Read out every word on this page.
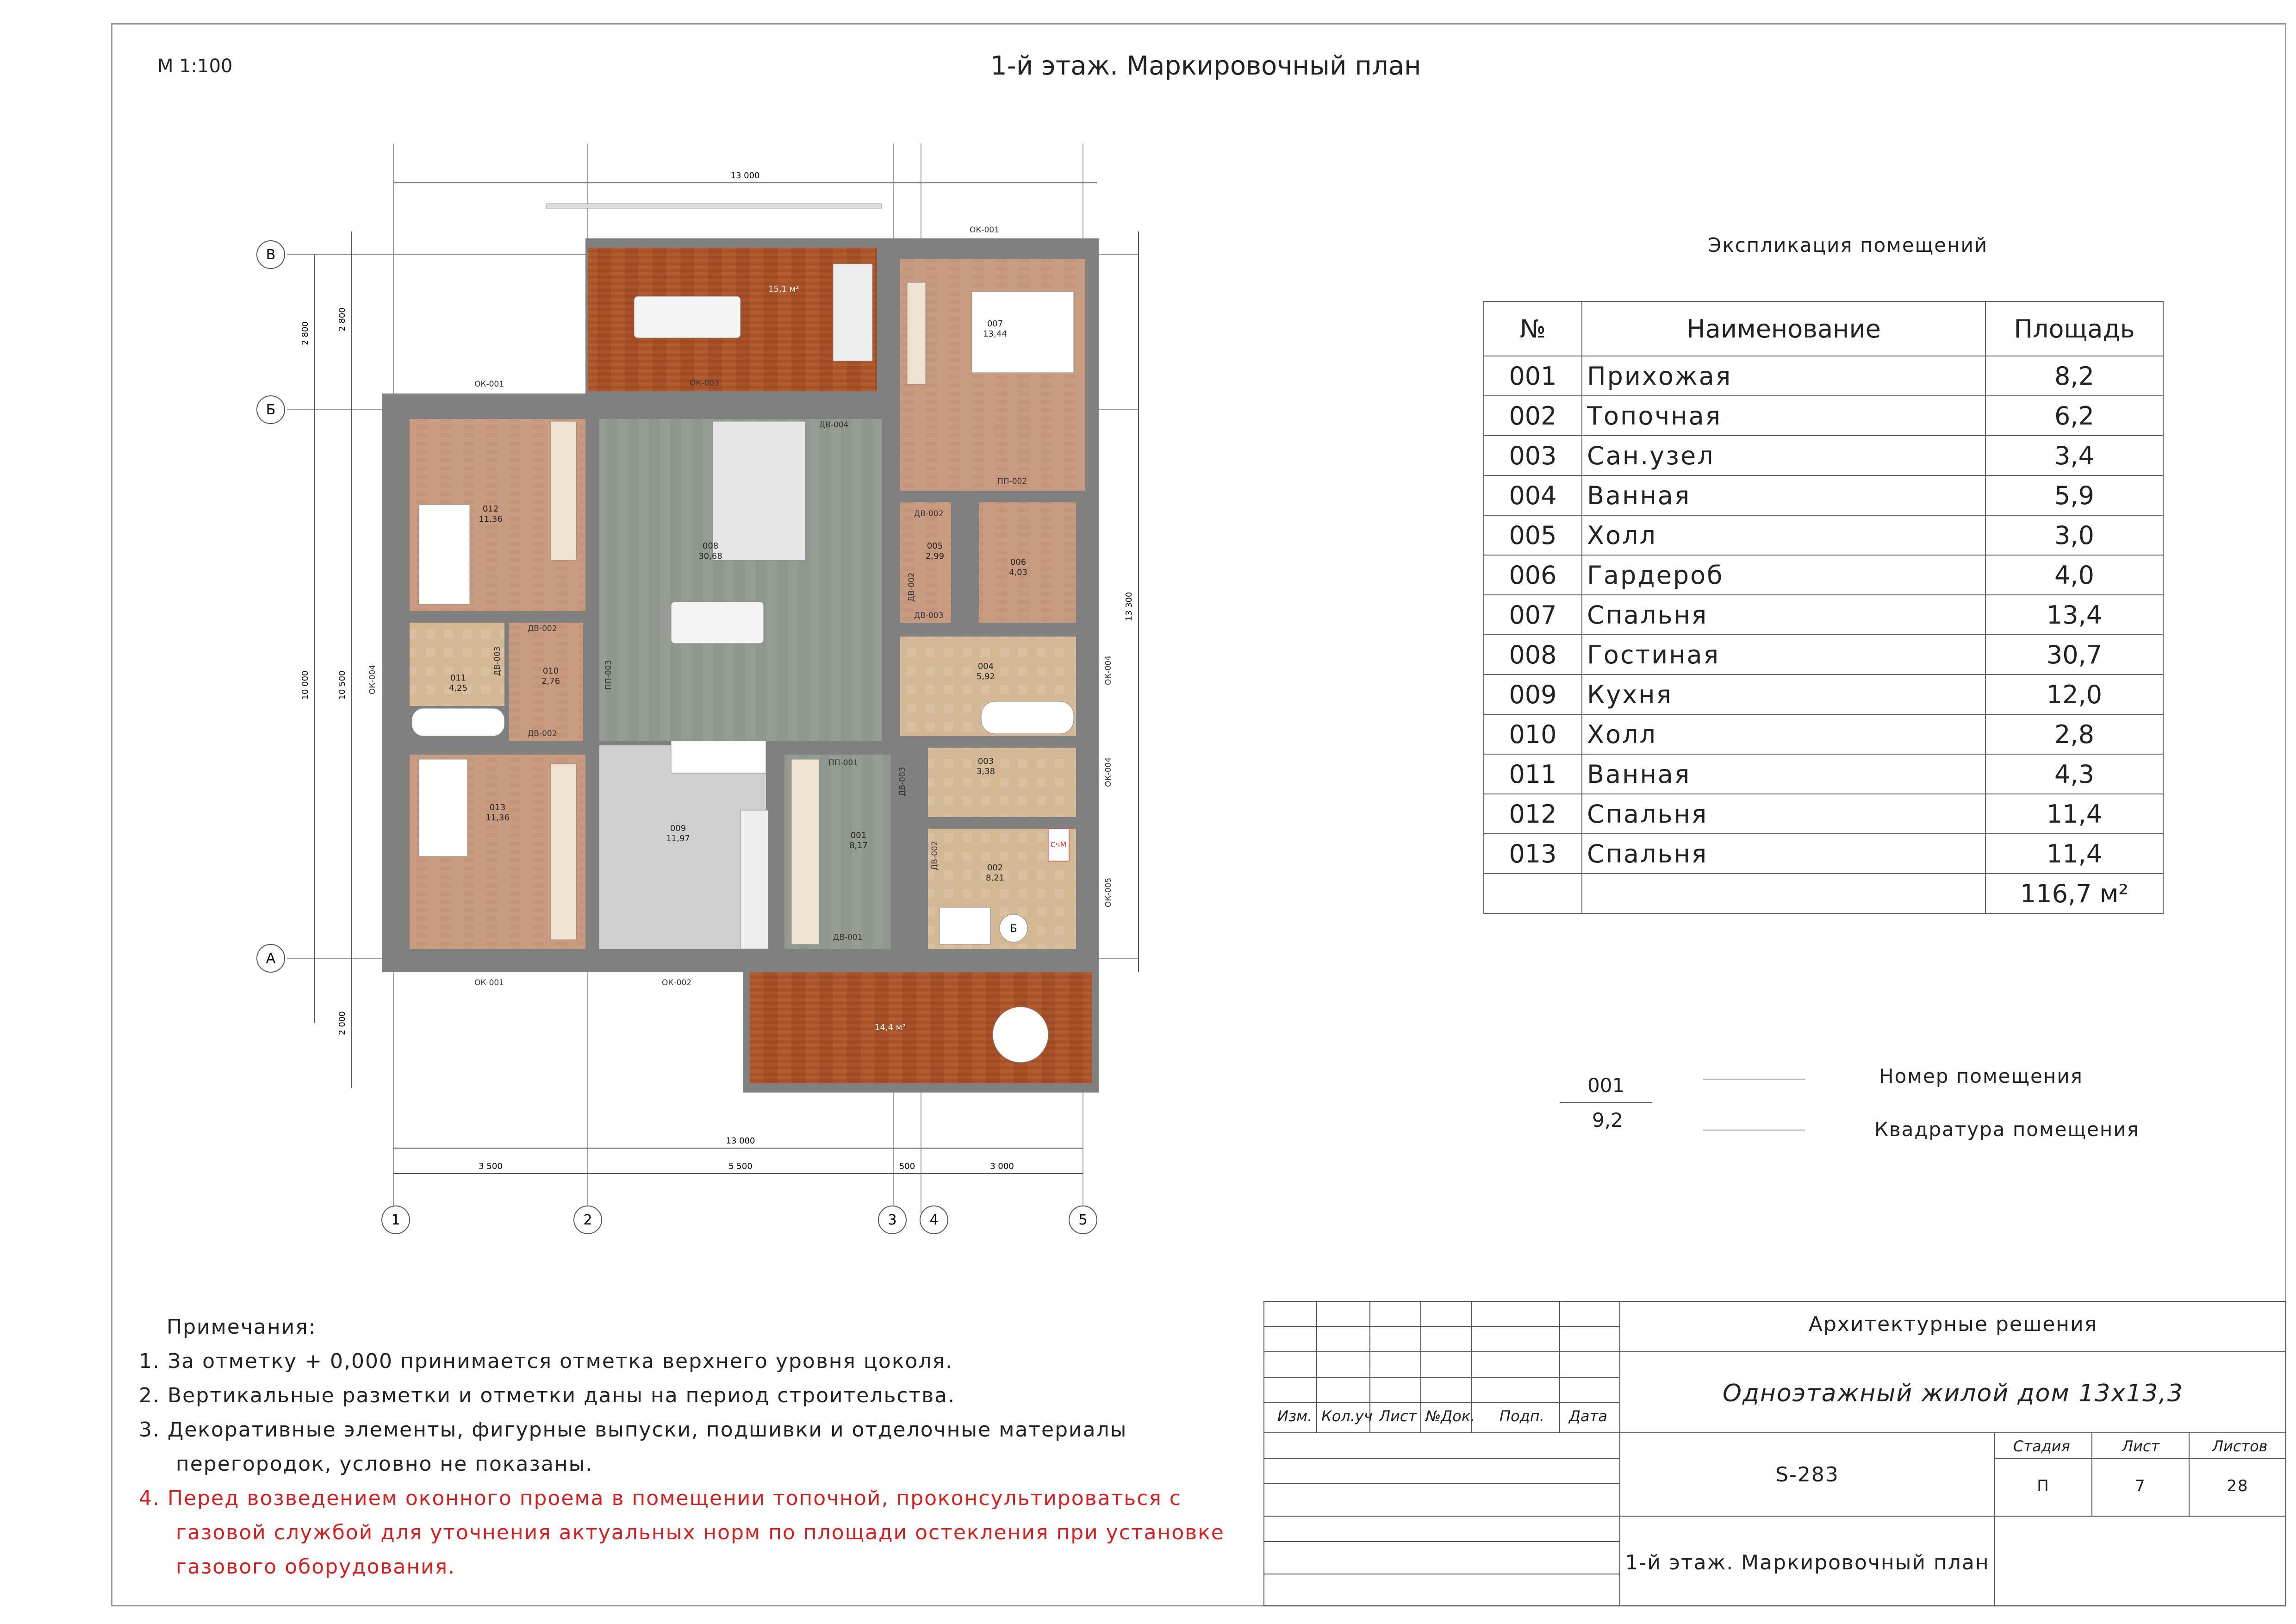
М 1:100	1-й этаж. Маркировочный план
13 000
В
Б
А
2 800
2 800
10 500
10 000
2 000
13 300
15,1 м²
Б
СчМ
14,4 м²
007
13,44
012
11,36
008
30,68
005
2,99
006
4,03
011
4,25
010
2,76
004
5,92
013
11,36
009
11,97	001
8,17
003
3,38
002
8,21
ОК-001
ОК-003
ОК-001
ДВ-004
ПП-002
ДВ-002
ДВ-002
ДВ-003
ДВ-002
ДВ-003
ДВ-002
ПП-003
ПП-001
ДВ-003
ДВ-002
ДВ-001
ОК-001	ОК-002
ОК-004
ОК-004
ОК-004
ОК-005
13 000
3 500	5 500	500	3 000
1	2	3 4	5
Экспликация помещений
№	Наименование	Площадь
001	Прихожая	8,2
002	Топочная	6,2
003	Сан.узел	3,4
004	Ванная	5,9
005	Холл	3,0
006	Гардероб	4,0
007	Спальня	13,4
008	Гостиная	30,7
009	Кухня	12,0
010	Холл	2,8
011	Ванная	4,3
012	Спальня	11,4
013	Спальня	11,4
		116,7 м²
001
9,2
Номер помещения
Квадратура помещения
Примечания:
1. За отметку + 0,000 принимается отметка верхнего уровня цоколя.
2. Вертикальные разметки и отметки даны на период строительства.
3. Декоративные элементы, фигурные выпуски, подшивки и отделочные материалы
перегородок, условно не показаны.
4. Перед возведением оконного проема в помещении топочной, проконсультироваться с
газовой службой для уточнения актуальных норм по площади остекления при установке
газового оборудования.
Изм. Кол.уч Лист №Док. Подп. Дата
Архитектурные решения
Одноэтажный жилой дом 13х13,3
S-283
1-й этаж. Маркировочный план
Стадия	Лист	Листов
П	7	28
